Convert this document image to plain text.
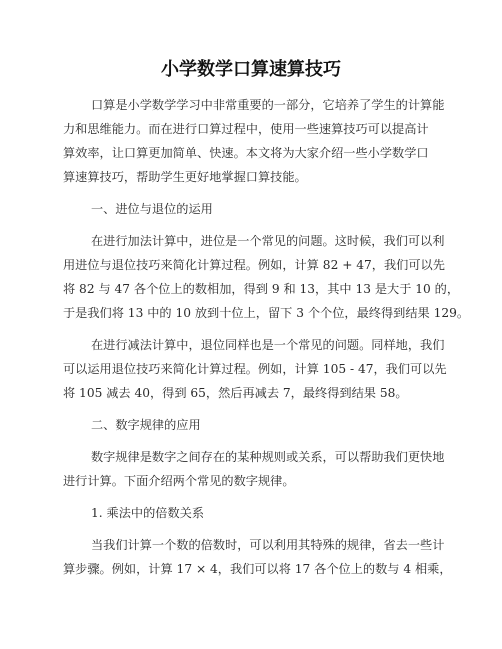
小学数学口算速算技巧
口算是小学数学学习中非常重要的一部分，它培养了学生的计算能
力和思维能力。而在进行口算过程中，使用一些速算技巧可以提高计
算效率，让口算更加简单、快速。本文将为大家介绍一些小学数学口
算速算技巧，帮助学生更好地掌握口算技能。
一、进位与退位的运用
在进行加法计算中，进位是一个常见的问题。这时候，我们可以利
用进位与退位技巧来简化计算过程。例如，计算 82 + 47，我们可以先
将 82 与 47 各个位上的数相加，得到 9 和 13，其中 13 是大于 10 的，
于是我们将 13 中的 10 放到十位上，留下 3 个个位，最终得到结果 129。
在进行减法计算中，退位同样也是一个常见的问题。同样地，我们
可以运用退位技巧来简化计算过程。例如，计算 105 - 47，我们可以先
将 105 减去 40，得到 65，然后再减去 7，最终得到结果 58。
二、数字规律的应用
数字规律是数字之间存在的某种规则或关系，可以帮助我们更快地
进行计算。下面介绍两个常见的数字规律。
1. 乘法中的倍数关系
当我们计算一个数的倍数时，可以利用其特殊的规律，省去一些计
算步骤。例如，计算 17 × 4，我们可以将 17 各个位上的数与 4 相乘，
